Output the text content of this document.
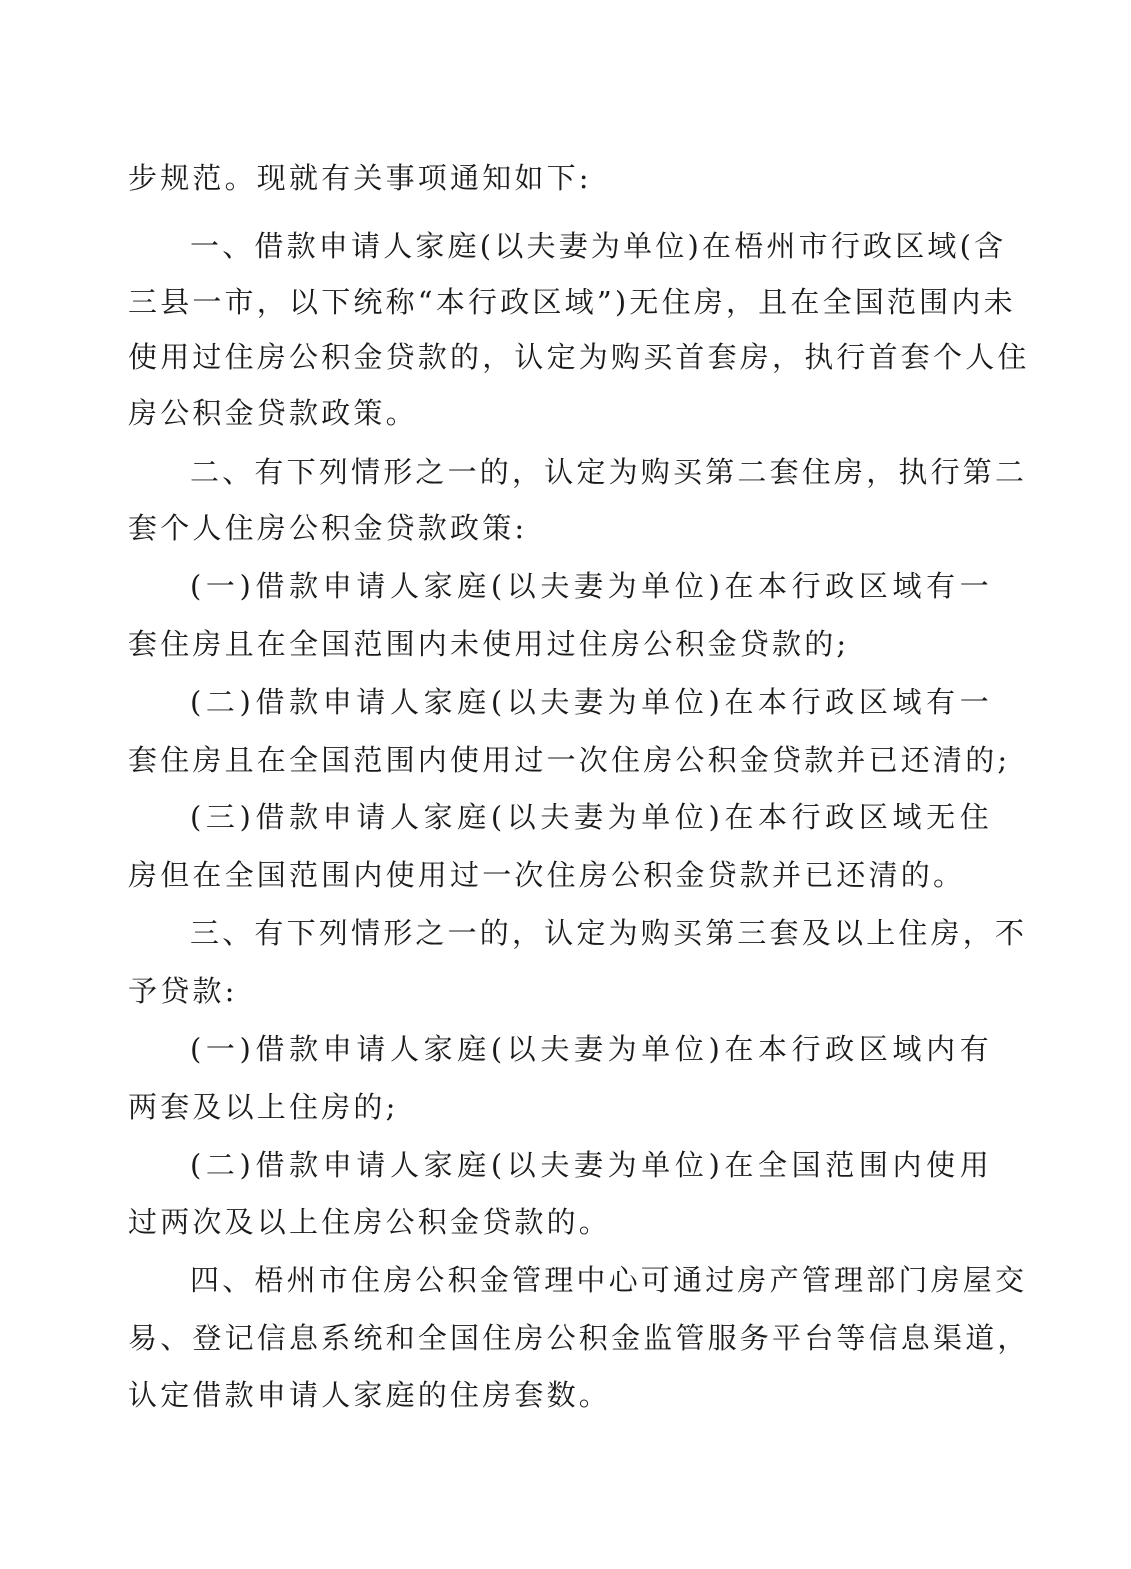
步规范。现就有关事项通知如下:
一、借款申请人家庭(以夫妻为单位)在梧州市行政区域(含
三县一市，以下统称“本行政区域”)无住房，且在全国范围内未
使用过住房公积金贷款的，认定为购买首套房，执行首套个人住
房公积金贷款政策。
二、有下列情形之一的，认定为购买第二套住房，执行第二
套个人住房公积金贷款政策:
(一)借款申请人家庭(以夫妻为单位)在本行政区域有一
套住房且在全国范围内未使用过住房公积金贷款的;
(二)借款申请人家庭(以夫妻为单位)在本行政区域有一
套住房且在全国范围内使用过一次住房公积金贷款并已还清的;
(三)借款申请人家庭(以夫妻为单位)在本行政区域无住
房但在全国范围内使用过一次住房公积金贷款并已还清的。
三、有下列情形之一的，认定为购买第三套及以上住房，不
予贷款:
(一)借款申请人家庭(以夫妻为单位)在本行政区域内有
两套及以上住房的;
(二)借款申请人家庭(以夫妻为单位)在全国范围内使用
过两次及以上住房公积金贷款的。
四、梧州市住房公积金管理中心可通过房产管理部门房屋交
易、登记信息系统和全国住房公积金监管服务平台等信息渠道，
认定借款申请人家庭的住房套数。
